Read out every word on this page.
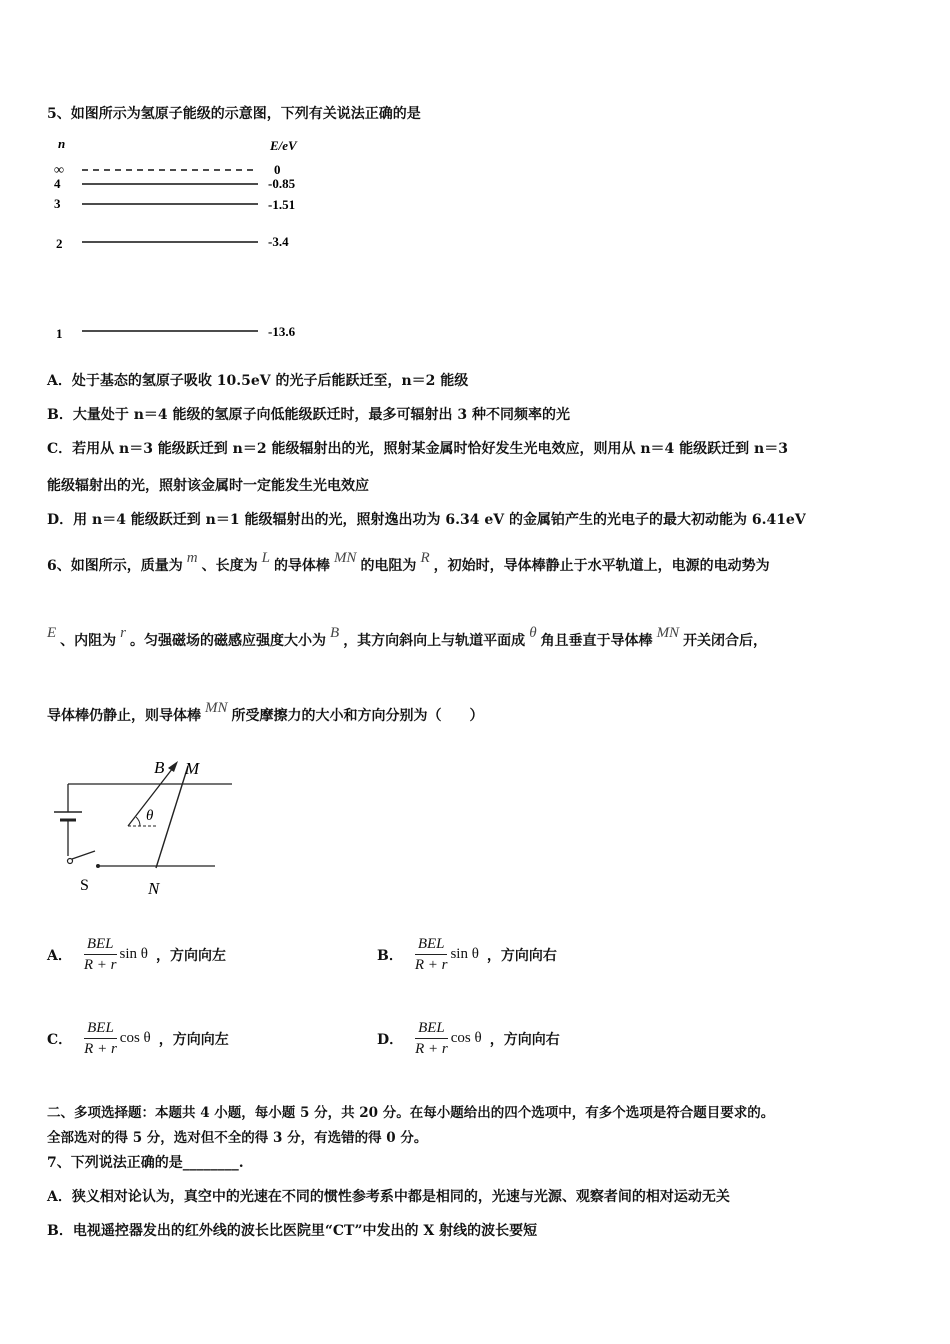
5、如图所示为氢原子能级的示意图，下列有关说法正确的是
n	E/eV
∞	0
4	-0.85
3	-1.51
2	-3.4
1	-13.6
A．处于基态的氢原子吸收 10.5eV 的光子后能跃迁至，n＝2 能级
B．大量处于 n＝4 能级的氢原子向低能级跃迁时，最多可辐射出 3 种不同频率的光
C．若用从 n＝3 能级跃迁到 n＝2 能级辐射出的光，照射某金属时恰好发生光电效应，则用从 n＝4 能级跃迁到 n＝3
能级辐射出的光，照射该金属时一定能发生光电效应
D．用 n＝4 能级跃迁到 n＝1 能级辐射出的光，照射逸出功为 6.34 eV 的金属铂产生的光电子的最大初动能为 6.41eV
6、如图所示，质量为 m 、长度为 L 的导体棒 MN 的电阻为 R ，初始时，导体棒静止于水平轨道上，电源的电动势为
E 、内阻为 r 。匀强磁场的磁感应强度大小为 B ，其方向斜向上与轨道平面成 θ 角且垂直于导体棒 MN 开关闭合后，
导体棒仍静止，则导体棒 MN 所受摩擦力的大小和方向分别为（　　）
S
M
N
B
θ
A． $\frac{\text{BEL}}{R + r}$ sin θ ，方向向左	B． $\frac{\text{BEL}}{R + r}$ sin θ ，方向向右
C． $\frac{\text{BEL}}{R + r}$ cos θ ，方向向左	D． $\frac{\text{BEL}}{R + r}$ cos θ ，方向向右
二、多项选择题：本题共 4 小题，每小题 5 分，共 20 分。在每小题给出的四个选项中，有多个选项是符合题目要求的。
全部选对的得 5 分，选对但不全的得 3 分，有选错的得 0 分。
7、下列说法正确的是________.
A．狭义相对论认为，真空中的光速在不同的惯性参考系中都是相同的，光速与光源、观察者间的相对运动无关
B．电视遥控器发出的红外线的波长比医院里“CT”中发出的 X 射线的波长要短
